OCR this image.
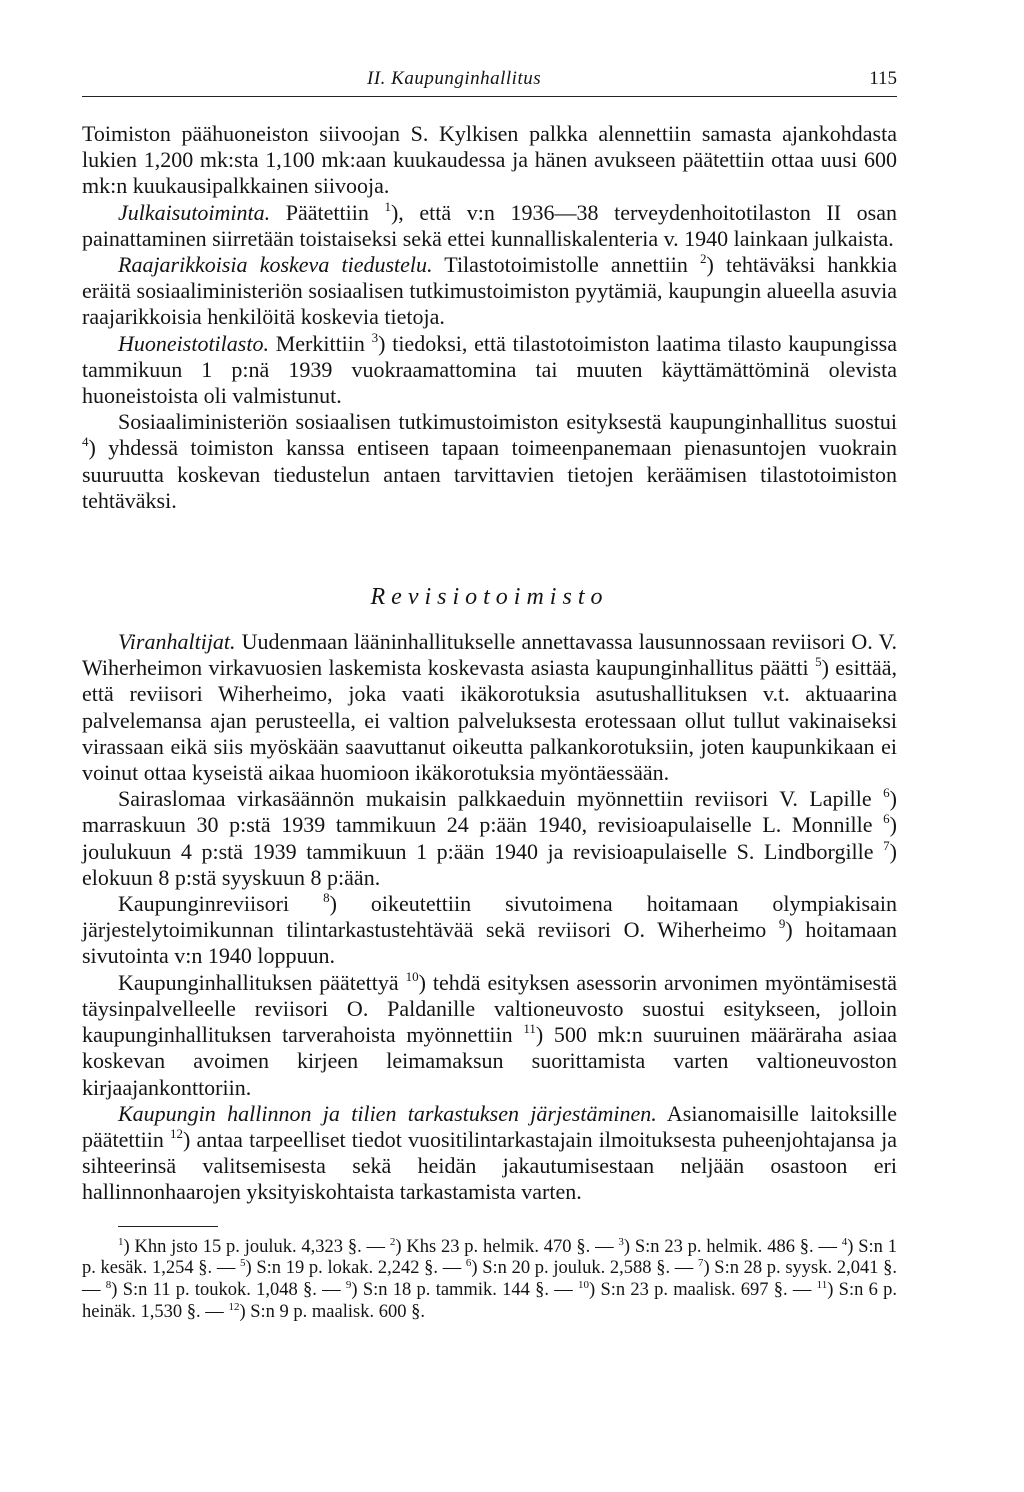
II. Kaupunginhallitus	115

Toimiston päähuoneiston siivoojan S. Kylkisen palkka alennettiin samasta ajankohdasta lukien 1,200 mk:sta 1,100 mk:aan kuukaudessa ja hänen avukseen päätettiin ottaa uusi 600 mk:n kuukausipalkkainen siivooja.

Julkaisutoiminta. Päätettiin $^1$), että v:n 1936—38 terveydenhoitotilaston II osan painattaminen siirretään toistaiseksi sekä ettei kunnalliskalenteria v. 1940 lainkaan julkaista.

Raajarikkoisia koskeva tiedustelu. Tilastotoimistolle annettiin $^2$) tehtäväksi hankkia eräitä sosiaaliministeriön sosiaalisen tutkimustoimiston pyytämiä, kaupungin alueella asuvia raajarikkoisia henkilöitä koskevia tietoja.

Huoneistotilasto. Merkittiin $^3$) tiedoksi, että tilastotoimiston laatima tilasto kaupungissa tammikuun 1 p:nä 1939 vuokraamattomina tai muuten käyttämättöminä olevista huoneistoista oli valmistunut.

Sosiaaliministeriön sosiaalisen tutkimustoimiston esityksestä kaupunginhallitus suostui $^4$) yhdessä toimiston kanssa entiseen tapaan toimeenpanemaan pienasuntojen vuokrain suuruutta koskevan tiedustelun antaen tarvittavien tietojen keräämisen tilastotoimiston tehtäväksi.

Revisiotoimisto

Viranhaltijat. Uudenmaan lääninhallitukselle annettavassa lausunnossaan reviisori O. V. Wiherheimon virkavuosien laskemista koskevasta asiasta kaupunginhallitus päätti $^5$) esittää, että reviisori Wiherheimo, joka vaati ikäkorotuksia asutushallituksen v.t. aktuaarina palvelemansa ajan perusteella, ei valtion palveluksesta erotessaan ollut tullut vakinaiseksi virassaan eikä siis myöskään saavuttanut oikeutta palkankorotuksiin, joten kaupunkikaan ei voinut ottaa kyseistä aikaa huomioon ikäkorotuksia myöntäessään.

Sairaslomaa virkasäännön mukaisin palkkaeduin myönnettiin reviisori V. Lapille $^6$) marraskuun 30 p:stä 1939 tammikuun 24 p:ään 1940, revisioapulaiselle L. Monnille $^6$) joulukuun 4 p:stä 1939 tammikuun 1 p:ään 1940 ja revisioapulaiselle S. Lindborgille $^7$) elokuun 8 p:stä syyskuun 8 p:ään.

Kaupunginreviisori $^8$) oikeutettiin sivutoimena hoitamaan olympiakisain järjestelytoimikunnan tilintarkastustehtävää sekä reviisori O. Wiherheimo $^9$) hoitamaan sivutointa v:n 1940 loppuun.

Kaupunginhallituksen päätettyä $^{10}$) tehdä esityksen asessorin arvonimen myöntämisestä täysinpalvelleelle reviisori O. Paldanille valtioneuvosto suostui esitykseen, jolloin kaupunginhallituksen tarverahoista myönnettiin $^{11}$) 500 mk:n suuruinen määräraha asiaa koskevan avoimen kirjeen leimamaksun suorittamista varten valtioneuvoston kirjaajankonttoriin.

Kaupungin hallinnon ja tilien tarkastuksen järjestäminen. Asianomaisille laitoksille päätettiin $^{12}$) antaa tarpeelliset tiedot vuositilintarkastajain ilmoituksesta puheenjohtajansa ja sihteerinsä valitsemisesta sekä heidän jakautumisestaan neljään osastoon eri hallinnonhaarojen yksityiskohtaista tarkastamista varten.

$^1$) Khn jsto 15 p. jouluk. 4,323 §. — $^2$) Khs 23 p. helmik. 470 §. — $^3$) S:n 23 p. helmik. 486 §. — $^4$) S:n 1 p. kesäk. 1,254 §. — $^5$) S:n 19 p. lokak. 2,242 §. — $^6$) S:n 20 p. jouluk. 2,588 §. — $^7$) S:n 28 p. syysk. 2,041 §. — $^8$) S:n 11 p. toukok. 1,048 §. — $^9$) S:n 18 p. tammik. 144 §. — $^{10}$) S:n 23 p. maalisk. 697 §. — $^{11}$) S:n 6 p. heinäk. 1,530 §. — $^{12}$) S:n 9 p. maalisk. 600 §.
